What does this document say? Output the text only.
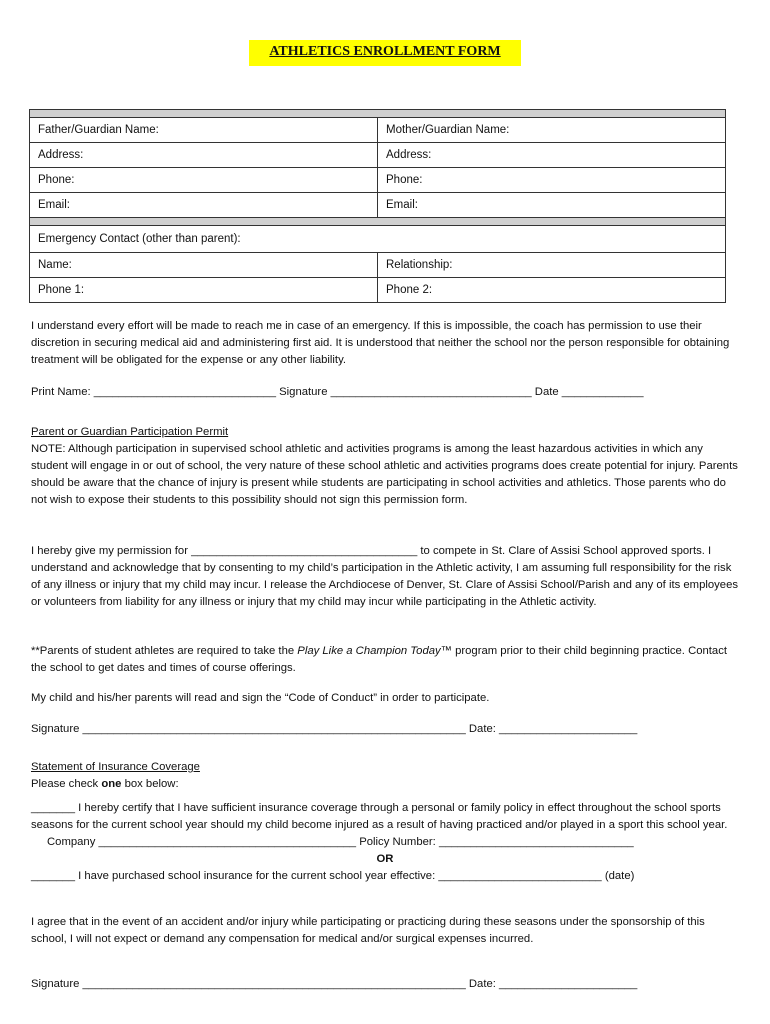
ATHLETICS ENROLLMENT FORM

Father/Guardian Name:	Mother/Guardian Name:
Address:	Address:
Phone:	Phone:
Email:	Email:

Emergency Contact (other than parent):	
Name:	Relationship:
Phone 1:	Phone 2:

I understand every effort will be made to reach me in case of an emergency. If this is impossible, the coach has permission to use their discretion in securing medical aid and administering first aid. It is understood that neither the school nor the person responsible for obtaining treatment will be obligated for the expense or any other liability.

Print Name: _____________________________ Signature ________________________________ Date _____________

Parent or Guardian Participation Permit

NOTE: Although participation in supervised school athletic and activities programs is among the least hazardous activities in which any student will engage in or out of school, the very nature of these school athletic and activities programs does create potential for injury. Parents should be aware that the chance of injury is present while students are participating in school activities and athletics. Those parents who do not wish to expose their students to this possibility should not sign this permission form.

I hereby give my permission for ____________________________________ to compete in St. Clare of Assisi School approved sports. I understand and acknowledge that by consenting to my child’s participation in the Athletic activity, I am assuming full responsibility for the risk of any illness or injury that my child may incur. I release the Archdiocese of Denver, St. Clare of Assisi School/Parish and any of its employees or volunteers from liability for any illness or injury that my child may incur while participating in the Athletic activity.

**Parents of student athletes are required to take the Play Like a Champion Today™ program prior to their child beginning practice. Contact the school to get dates and times of course offerings.

My child and his/her parents will read and sign the “Code of Conduct” in order to participate.

Signature _____________________________________________________________ Date: ______________________

Statement of Insurance Coverage

Please check one box below:

_______ I hereby certify that I have sufficient insurance coverage through a personal or family policy in effect throughout the school sports seasons for the current school year should my child become injured as a result of having practiced and/or played in a sport this school year.

Company _________________________________________ Policy Number: _______________________________

OR

_______ I have purchased school insurance for the current school year effective: __________________________ (date)

I agree that in the event of an accident and/or injury while participating or practicing during these seasons under the sponsorship of this school, I will not expect or demand any compensation for medical and/or surgical expenses incurred.

Signature _____________________________________________________________ Date: ______________________
